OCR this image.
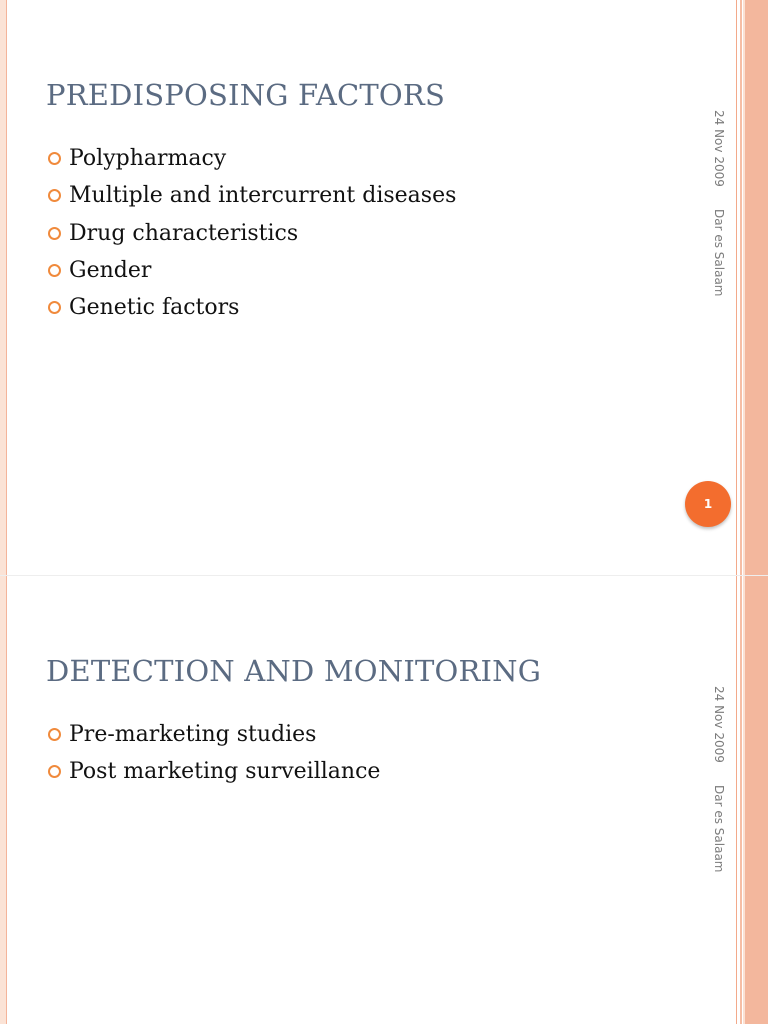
PREDISPOSING FACTORS
Polypharmacy
Multiple and intercurrent diseases
Drug characteristics
Gender
Genetic factors
24 Nov 2009
Dar es Salaam
1
DETECTION AND MONITORING
Pre-marketing studies
Post marketing surveillance
24 Nov 2009
Dar es Salaam
